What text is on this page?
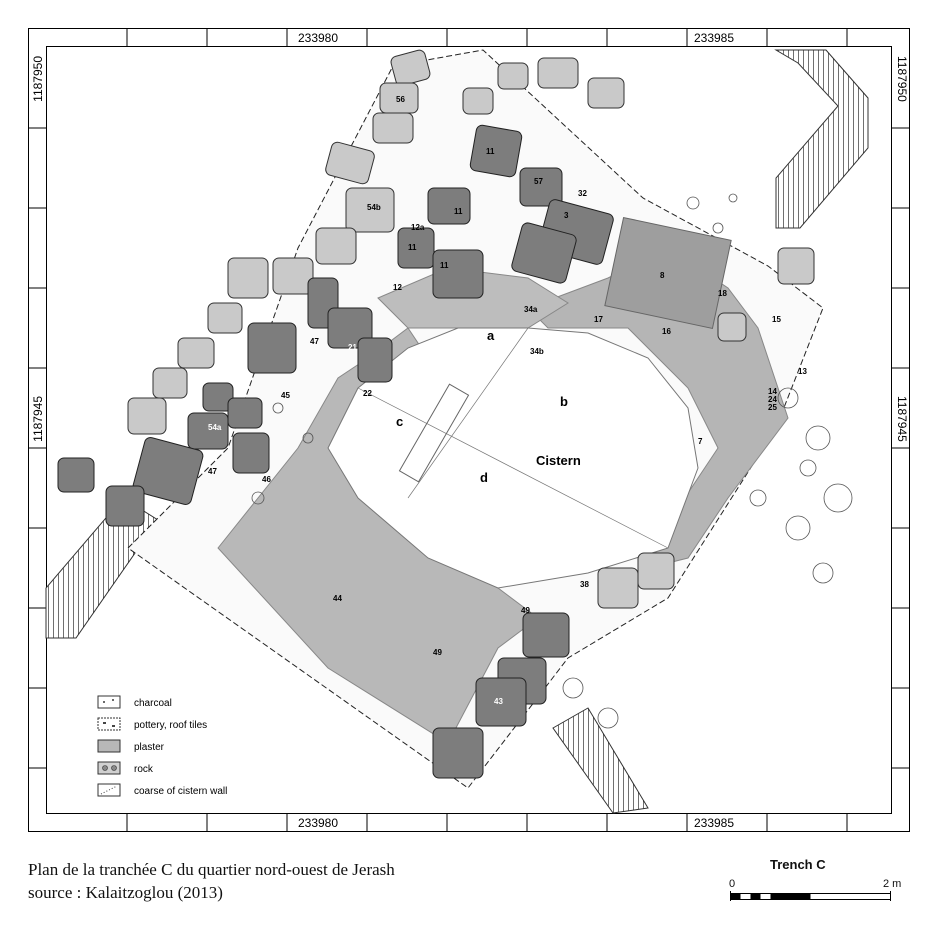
a
b
c
d
Cistern
56
11
57
32
54b
12a
11
11
3
11
8
18
12
34a
17
16
15
47
21	34b
13
45	22	14
24
25
54a
47
46
7
44
38
49
49
43
charcoal
pottery, roof tiles
plaster
rock
coarse of cistern wall
233980	233985
233980	233985
1187950
1187945
1187950
1187945
Plan de la tranchée C du quartier nord-ouest de Jerash
source : Kalaitzoglou (2013)
Trench C
0	2 m
